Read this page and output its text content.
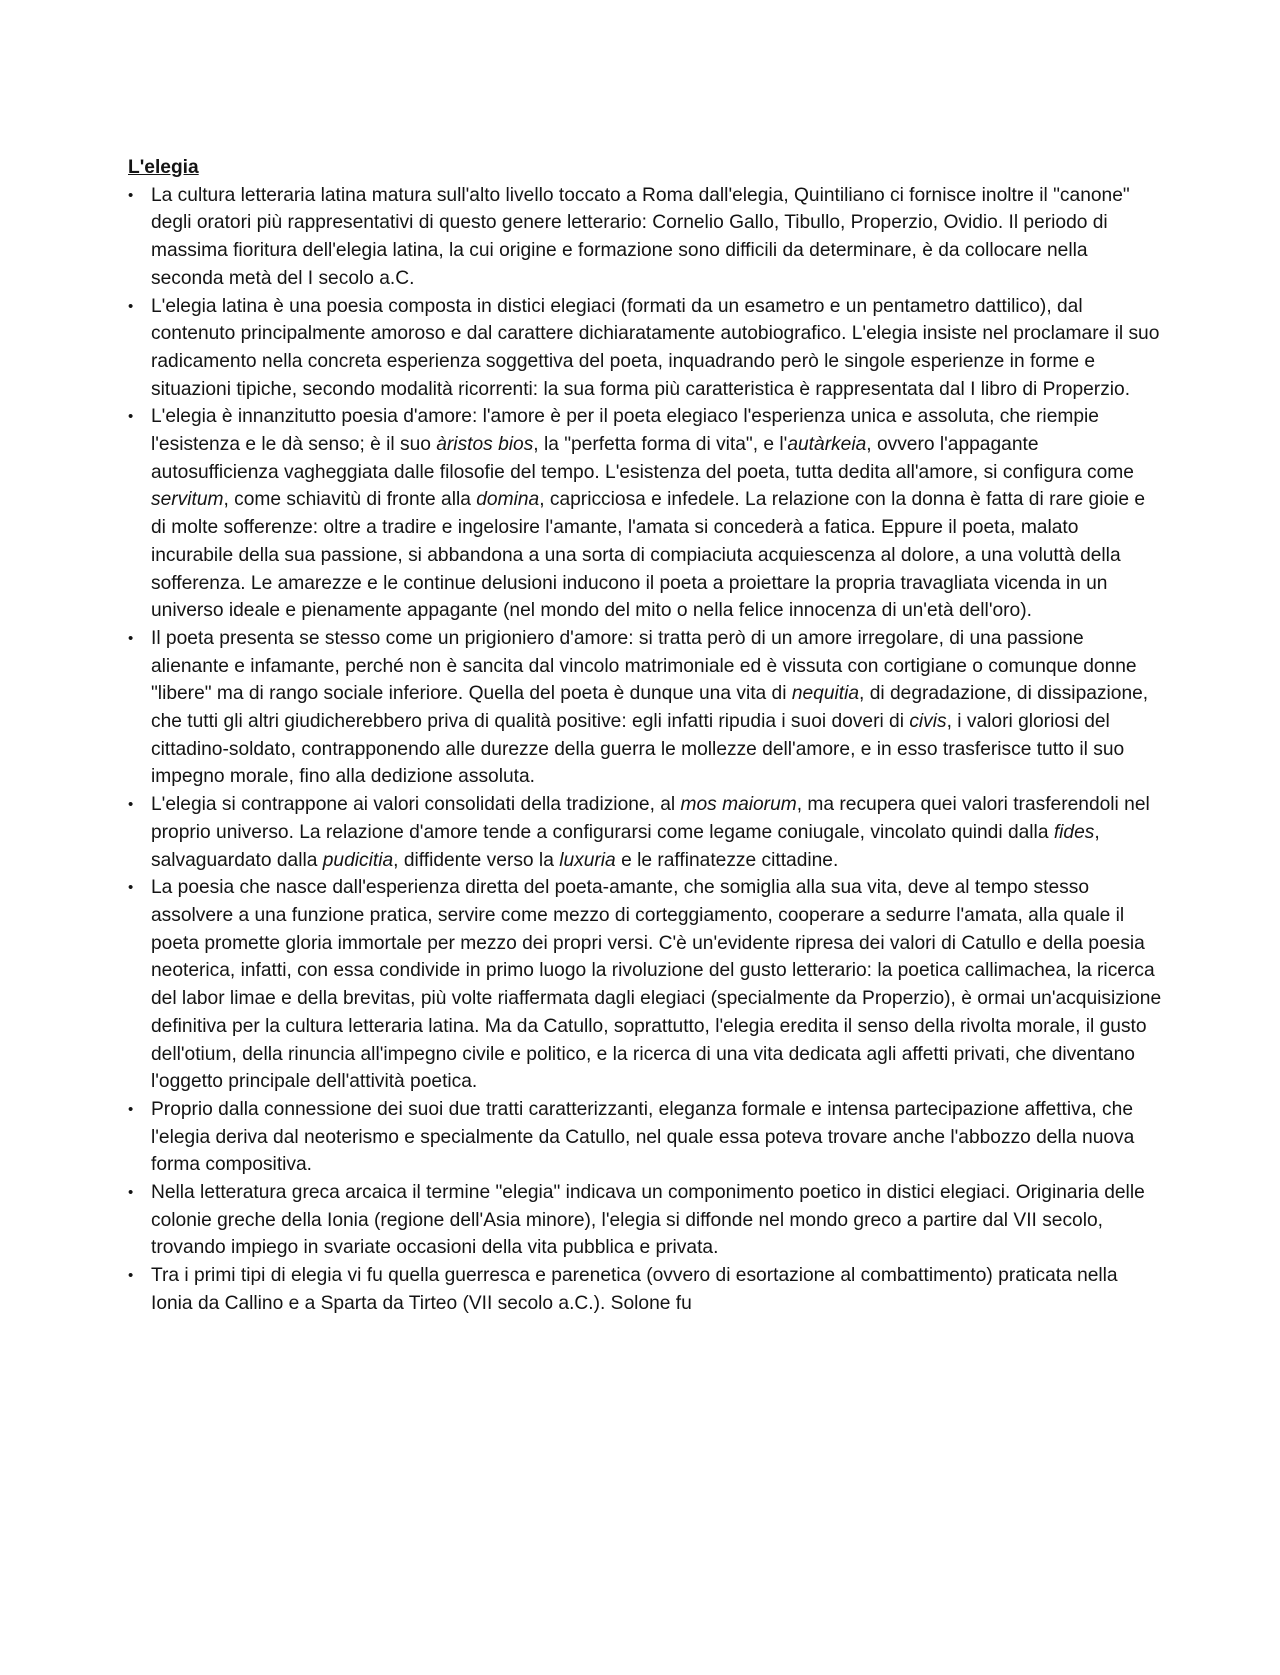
L'elegia
• La cultura letteraria latina matura sull'alto livello toccato a Roma dall'elegia, Quintiliano ci fornisce inoltre il "canone" degli oratori più rappresentativi di questo genere letterario: Cornelio Gallo, Tibullo, Properzio, Ovidio. Il periodo di massima fioritura dell'elegia latina, la cui origine e formazione sono difficili da determinare, è da collocare nella seconda metà del I secolo a.C.
• L'elegia latina è una poesia composta in distici elegiaci (formati da un esametro e un pentametro dattilico), dal contenuto principalmente amoroso e dal carattere dichiaratamente autobiografico. L'elegia insiste nel proclamare il suo radicamento nella concreta esperienza soggettiva del poeta, inquadrando però le singole esperienze in forme e situazioni tipiche, secondo modalità ricorrenti: la sua forma più caratteristica è rappresentata dal I libro di Properzio.
• L'elegia è innanzitutto poesia d'amore: l'amore è per il poeta elegiaco l'esperienza unica e assoluta, che riempie l'esistenza e le dà senso; è il suo àristos bios, la "perfetta forma di vita", e l'autàrkeia, ovvero l'appagante autosufficienza vagheggiata dalle filosofie del tempo. L'esistenza del poeta, tutta dedita all'amore, si configura come servitum, come schiavitù di fronte alla domina, capricciosa e infedele. La relazione con la donna è fatta di rare gioie e di molte sofferenze: oltre a tradire e ingelosire l'amante, l'amata si concederà a fatica. Eppure il poeta, malato incurabile della sua passione, si abbandona a una sorta di compiaciuta acquiescenza al dolore, a una voluttà della sofferenza. Le amarezze e le continue delusioni inducono il poeta a proiettare la propria travagliata vicenda in un universo ideale e pienamente appagante (nel mondo del mito o nella felice innocenza di un'età dell'oro).
• Il poeta presenta se stesso come un prigioniero d'amore: si tratta però di un amore irregolare, di una passione alienante e infamante, perché non è sancita dal vincolo matrimoniale ed è vissuta con cortigiane o comunque donne "libere" ma di rango sociale inferiore. Quella del poeta è dunque una vita di nequitia, di degradazione, di dissipazione, che tutti gli altri giudicherebbero priva di qualità positive: egli infatti ripudia i suoi doveri di civis, i valori gloriosi del cittadino-soldato, contrapponendo alle durezze della guerra le mollezze dell'amore, e in esso trasferisce tutto il suo impegno morale, fino alla dedizione assoluta.
• L'elegia si contrappone ai valori consolidati della tradizione, al mos maiorum, ma recupera quei valori trasferendoli nel proprio universo. La relazione d'amore tende a configurarsi come legame coniugale, vincolato quindi dalla fides, salvaguardato dalla pudicitia, diffidente verso la luxuria e le raffinatezze cittadine.
• La poesia che nasce dall'esperienza diretta del poeta-amante, che somiglia alla sua vita, deve al tempo stesso assolvere a una funzione pratica, servire come mezzo di corteggiamento, cooperare a sedurre l'amata, alla quale il poeta promette gloria immortale per mezzo dei propri versi. C'è un'evidente ripresa dei valori di Catullo e della poesia neoterica, infatti, con essa condivide in primo luogo la rivoluzione del gusto letterario: la poetica callimachea, la ricerca del labor limae e della brevitas, più volte riaffermata dagli elegiaci (specialmente da Properzio), è ormai un'acquisizione definitiva per la cultura letteraria latina. Ma da Catullo, soprattutto, l'elegia eredita il senso della rivolta morale, il gusto dell'otium, della rinuncia all'impegno civile e politico, e la ricerca di una vita dedicata agli affetti privati, che diventano l'oggetto principale dell'attività poetica.
• Proprio dalla connessione dei suoi due tratti caratterizzanti, eleganza formale e intensa partecipazione affettiva, che l'elegia deriva dal neoterismo e specialmente da Catullo, nel quale essa poteva trovare anche l'abbozzo della nuova forma compositiva.
• Nella letteratura greca arcaica il termine "elegia" indicava un componimento poetico in distici elegiaci. Originaria delle colonie greche della Ionia (regione dell'Asia minore), l'elegia si diffonde nel mondo greco a partire dal VII secolo, trovando impiego in svariate occasioni della vita pubblica e privata.
• Tra i primi tipi di elegia vi fu quella guerresca e parenetica (ovvero di esortazione al combattimento) praticata nella Ionia da Callino e a Sparta da Tirteo (VII secolo a.C.). Solone fu
